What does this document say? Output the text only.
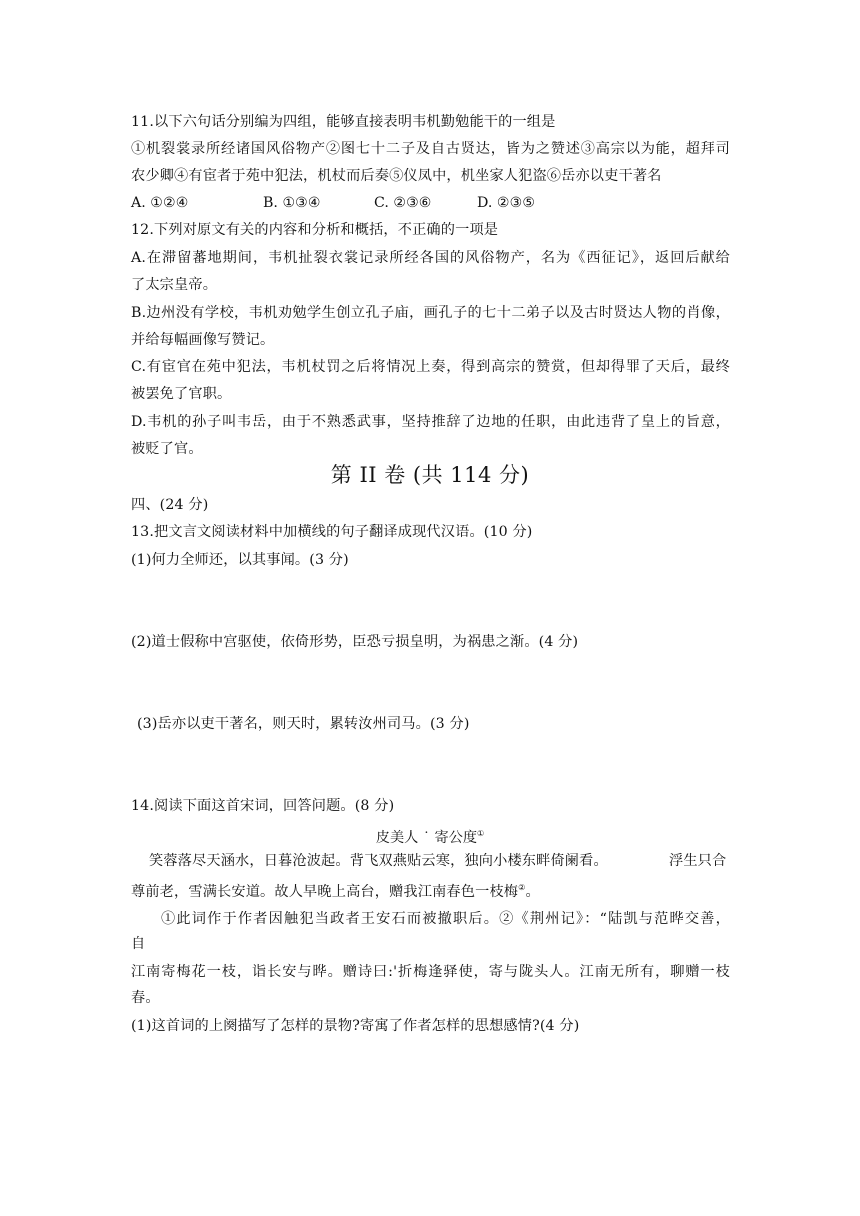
11.以下六句话分别编为四组，能够直接表明韦机勤勉能干的一组是
①机裂裳录所经诸国风俗物产②图七十二子及自古贤达，皆为之赞述③高宗以为能，超拜司
农少卿④有宦者于苑中犯法，机杖而后奏⑤仪凤中，机坐家人犯盗⑥岳亦以吏干著名
A. ①②④	B. ①③④	C. ②③⑥	D. ②③⑤
12.下列对原文有关的内容和分析和概括，不正确的一项是
A.在滞留蕃地期间，韦机扯裂衣裳记录所经各国的风俗物产，名为《西征记》，返回后献给
了太宗皇帝。
B.边州没有学校，韦机劝勉学生创立孔子庙，画孔子的七十二弟子以及古时贤达人物的肖像，
并给每幅画像写赞记。
C.有宦官在苑中犯法，韦机杖罚之后将情况上奏，得到高宗的赞赏，但却得罪了天后，最终
被罢免了官职。
D.韦机的孙子叫韦岳，由于不熟悉武事，坚持推辞了边地的任职，由此违背了皇上的旨意，
被贬了官。
第 II 卷 (共 114 分)
四、(24 分)
13.把文言文阅读材料中加横线的句子翻译成现代汉语。(10 分)
(1)何力全师还，以其事闻。(3 分)
(2)道士假称中宫驱使，依倚形势，臣恐亏损皇明，为祸患之渐。(4 分)
(3)岳亦以吏干著名，则天时，累转汝州司马。(3 分)
14.阅读下面这首宋词，回答问题。(8 分)
皮美人 ˙ 寄公度①
笑蓉落尽天涵水，日暮沧波起。背飞双燕贴云寒，独向小楼东畔倚阑看。	浮生只合
尊前老，雪满长安道。故人早晚上高台，赠我江南春色一枝梅②。
①此词作于作者因触犯当政者王安石而被撤职后。②《荆州记》：“陆凯与范晔交善，
自
江南寄梅花一枝，诣长安与晔。赠诗曰:'折梅逢驿使，寄与陇头人。江南无所有，聊赠一枝
春。
(1)这首词的上阕描写了怎样的景物?寄寓了作者怎样的思想感情?(4 分)
